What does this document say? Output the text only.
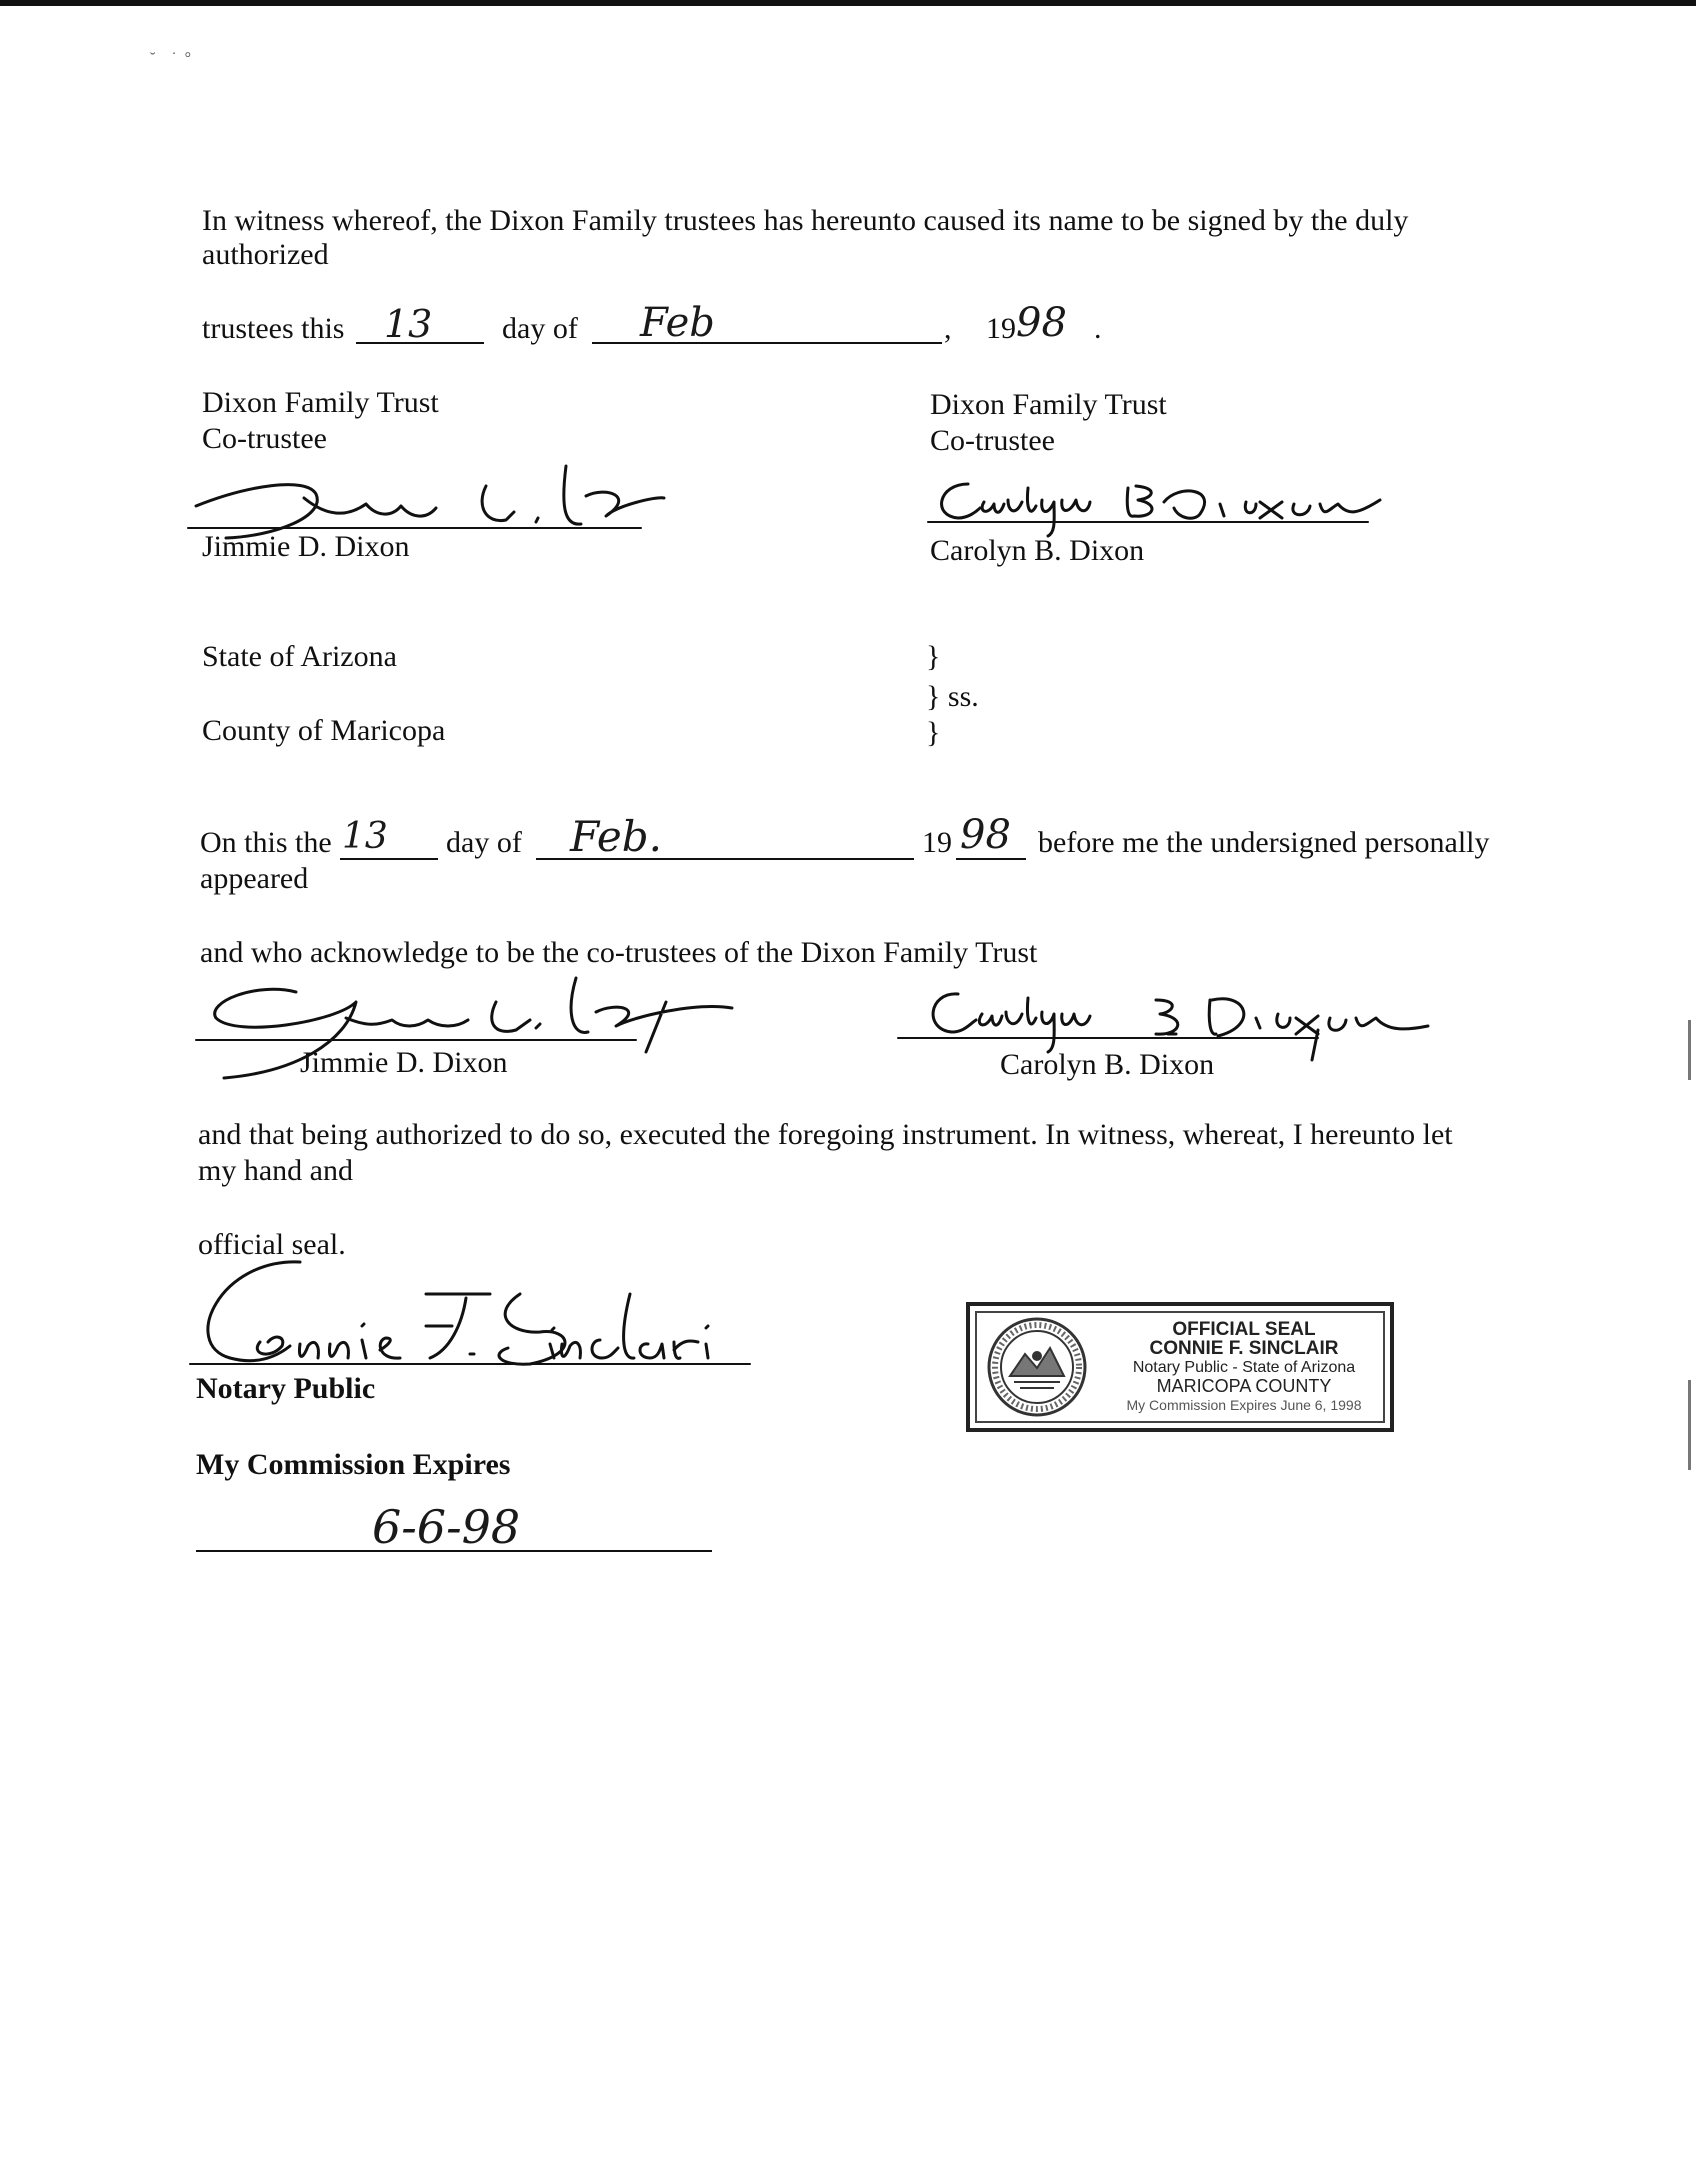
˘    ˙  °
In witness whereof, the Dixon Family trustees has hereunto caused its name to be signed by the duly
authorized
trustees this 13 day of Feb	, 19 98 .
Dixon Family Trust
Co-trustee
Dixon Family Trust
Co-trustee
Jimmie D. Dixon	Carolyn B. Dixon
State of Arizona
County of Maricopa
}
} ss.
}
On this the 13 day of Feb.	19 98 before me the undersigned personally
appeared
and who acknowledge to be the co-trustees of the Dixon Family Trust
Jimmie D. Dixon	Carolyn B. Dixon
and that being authorized to do so, executed the foregoing instrument. In witness, whereat, I hereunto let
my hand and
official seal.
Notary Public
My Commission Expires
6-6-98
OFFICIAL SEAL
CONNIE F. SINCLAIR
Notary Public - State of Arizona
MARICOPA COUNTY
My Commission Expires June 6, 1998
